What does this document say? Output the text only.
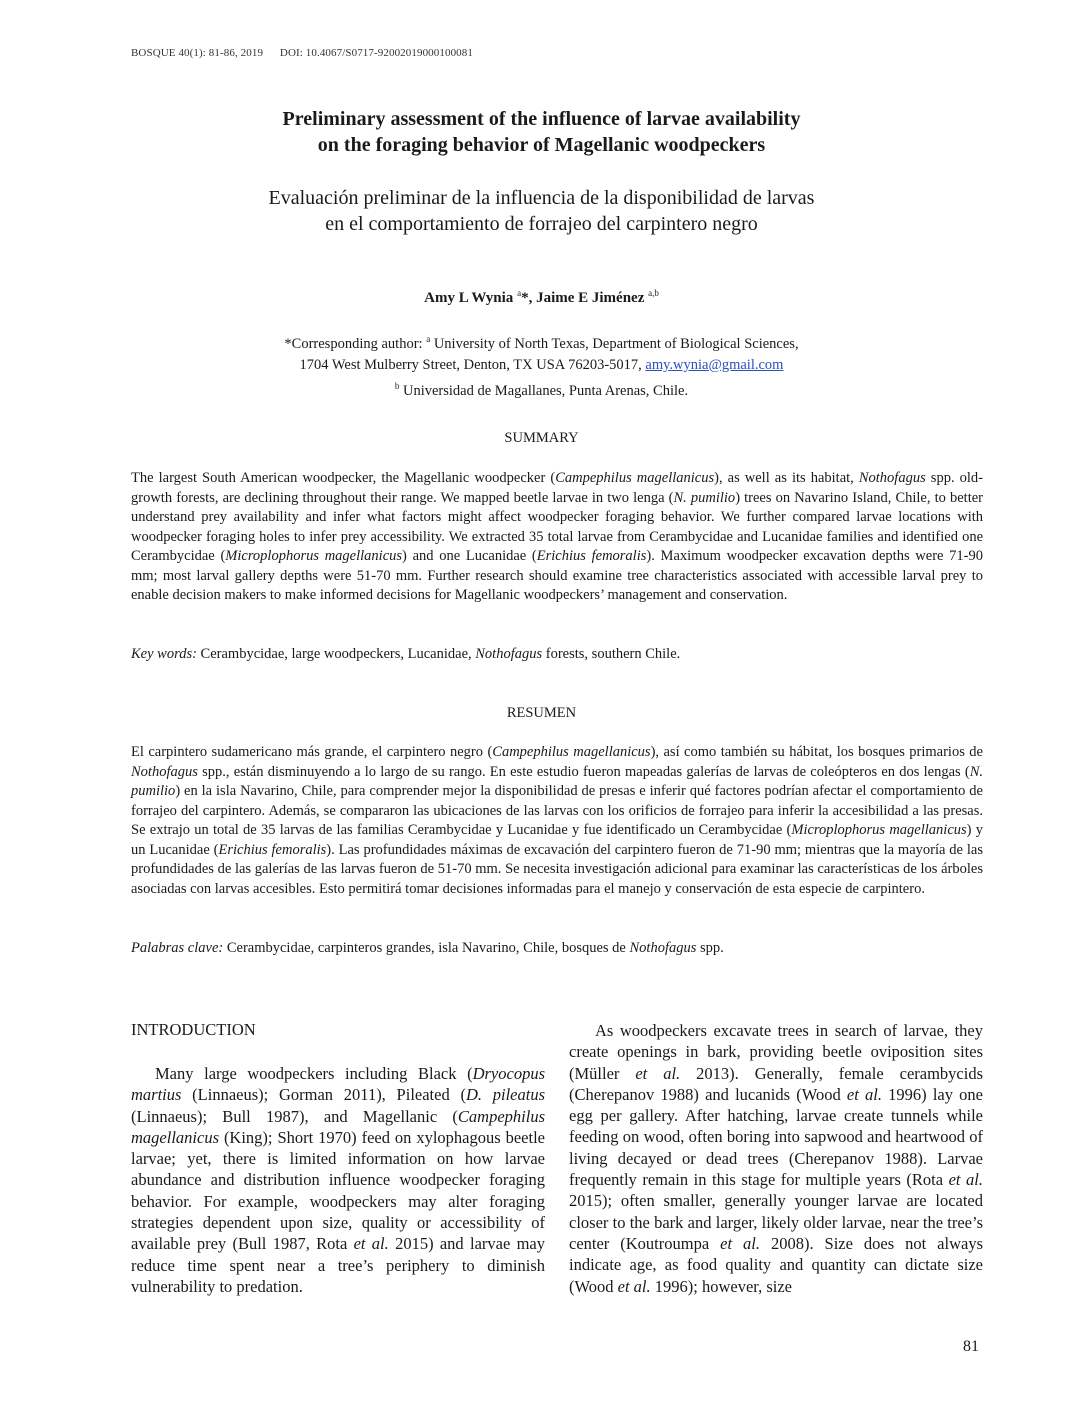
BOSQUE 40(1): 81-86, 2019 DOI: 10.4067/S0717-92002019000100081
Preliminary assessment of the influence of larvae availability
on the foraging behavior of Magellanic woodpeckers
Evaluación preliminar de la influencia de la disponibilidad de larvas
en el comportamiento de forrajeo del carpintero negro
Amy L Wynia $^a$*, Jaime E Jiménez $^{a,b}$
*Corresponding author: $^a$ University of North Texas, Department of Biological Sciences,
1704 West Mulberry Street, Denton, TX USA 76203-5017, amy.wynia@gmail.com
$^b$ Universidad de Magallanes, Punta Arenas, Chile.
SUMMARY
The largest South American woodpecker, the Magellanic woodpecker (Campephilus magellanicus), as well as its habitat, Nothofagus spp. old-growth forests, are declining throughout their range. We mapped beetle larvae in two lenga (N. pumilio) trees on Navarino Island, Chile, to better understand prey availability and infer what factors might affect woodpecker foraging behavior. We further compared larvae locations with woodpecker foraging holes to infer prey accessibility. We extracted 35 total larvae from Cerambycidae and Lucanidae families and identified one Cerambycidae (Microplophorus magellanicus) and one Lucanidae (Erichius femoralis). Maximum woodpecker excavation depths were 71-90 mm; most larval gallery depths were 51-70 mm. Further research should examine tree characteristics associated with accessible larval prey to enable decision makers to make informed decisions for Magellanic woodpeckers’ management and conservation.
Key words: Cerambycidae, large woodpeckers, Lucanidae, Nothofagus forests, southern Chile.
RESUMEN
El carpintero sudamericano más grande, el carpintero negro (Campephilus magellanicus), así como también su hábitat, los bosques primarios de Nothofagus spp., están disminuyendo a lo largo de su rango. En este estudio fueron mapeadas galerías de larvas de coleópteros en dos lengas (N. pumilio) en la isla Navarino, Chile, para comprender mejor la disponibilidad de presas e inferir qué factores podrían afectar el comportamiento de forrajeo del carpintero. Además, se compararon las ubicaciones de las larvas con los orificios de forrajeo para inferir la accesibilidad a las presas. Se extrajo un total de 35 larvas de las familias Cerambycidae y Lucanidae y fue identificado un Cerambycidae (Microplophorus magellanicus) y un Lucanidae (Erichius femoralis). Las profundidades máximas de excavación del carpintero fueron de 71-90 mm; mientras que la mayoría de las profundidades de las galerías de las larvas fueron de 51-70 mm. Se necesita investigación adicional para examinar las características de los árboles asociadas con larvas accesibles. Esto permitirá tomar decisiones informadas para el manejo y conservación de esta especie de carpintero.
Palabras clave: Cerambycidae, carpinteros grandes, isla Navarino, Chile, bosques de Nothofagus spp.
INTRODUCTION
Many large woodpeckers including Black (Dryocopus martius (Linnaeus); Gorman 2011), Pileated (D. pileatus (Linnaeus); Bull 1987), and Magellanic (Campephilus magellanicus (King); Short 1970) feed on xylophagous beetle larvae; yet, there is limited information on how larvae abundance and distribution influence woodpecker foraging behavior. For example, woodpeckers may alter foraging strategies dependent upon size, quality or accessibility of available prey (Bull 1987, Rota et al. 2015) and larvae may reduce time spent near a tree’s periphery to diminish vulnerability to predation.
As woodpeckers excavate trees in search of larvae, they create openings in bark, providing beetle oviposition sites (Müller et al. 2013). Generally, female cerambycids (Cherepanov 1988) and lucanids (Wood et al. 1996) lay one egg per gallery. After hatching, larvae create tunnels while feeding on wood, often boring into sapwood and heartwood of living decayed or dead trees (Cherepanov 1988). Larvae frequently remain in this stage for multiple years (Rota et al. 2015); often smaller, generally younger larvae are located closer to the bark and larger, likely older larvae, near the tree’s center (Koutroumpa et al. 2008). Size does not always indicate age, as food quality and quantity can dictate size (Wood et al. 1996); however, size
81
